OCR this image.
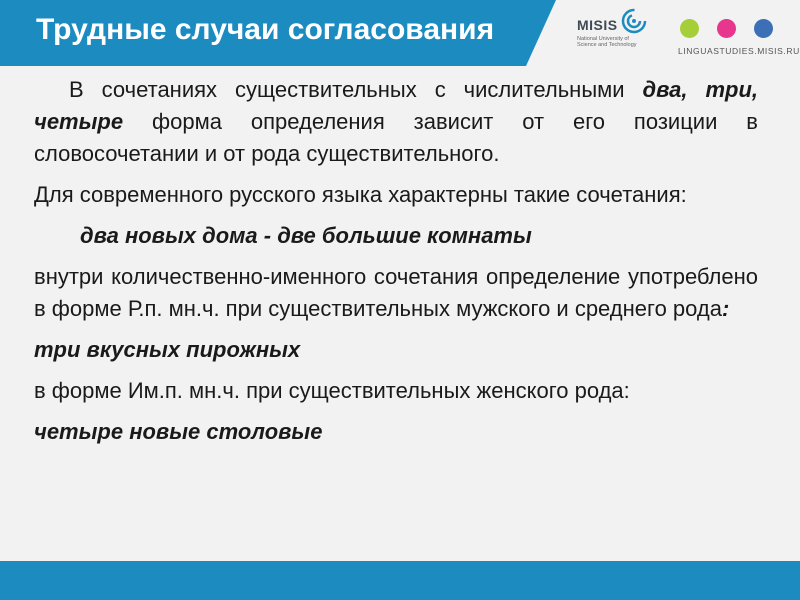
Трудные случаи согласования	MISIS
National University of Science and Technology
LINGUASTUDIES.MISIS.RU

В сочетаниях существительных с числительными два, три, четыре форма определения зависит от его позиции в словосочетании и от рода существительного.

Для современного русского языка характерны такие сочетания:

два новых дома - две большие комнаты

внутри количественно-именного сочетания определение употреблено в форме Р.п. мн.ч. при существительных мужского и среднего рода:

три вкусных пирожных

в форме Им.п. мн.ч. при существительных женского рода:

четыре новые столовые
